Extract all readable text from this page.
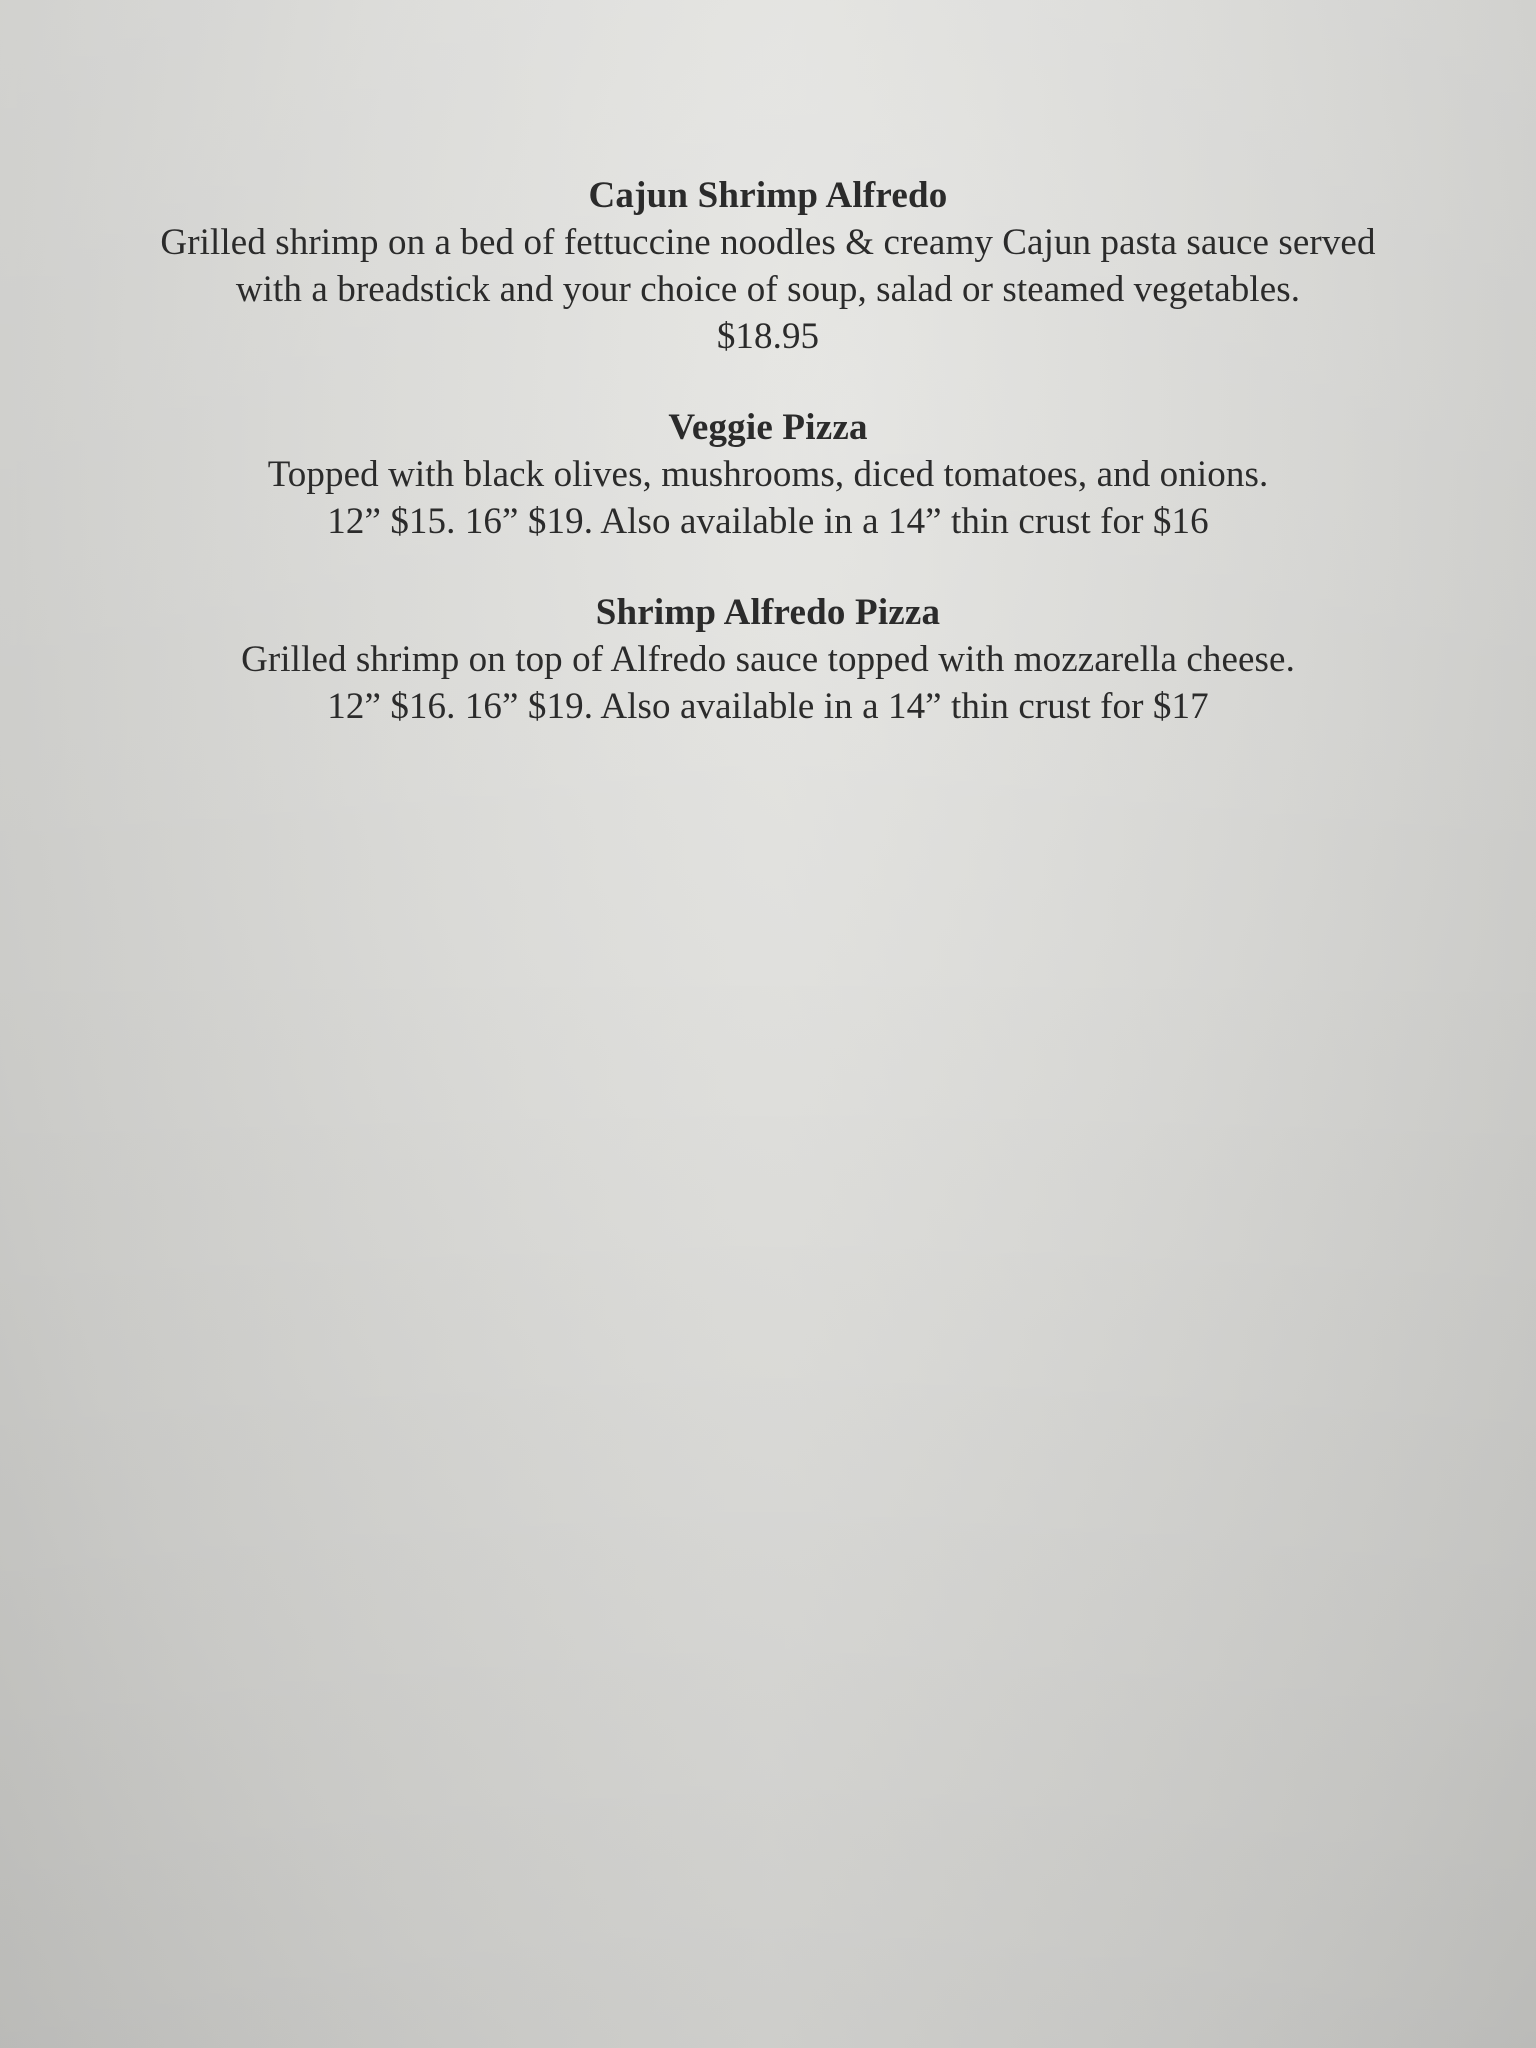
Cajun Shrimp Alfredo
Grilled shrimp on a bed of fettuccine noodles & creamy Cajun pasta sauce served
with a breadstick and your choice of soup, salad or steamed vegetables.
$18.95
Veggie Pizza
Topped with black olives, mushrooms, diced tomatoes, and onions.
12” $15. 16” $19. Also available in a 14” thin crust for $16
Shrimp Alfredo Pizza
Grilled shrimp on top of Alfredo sauce topped with mozzarella cheese.
12” $16. 16” $19. Also available in a 14” thin crust for $17
